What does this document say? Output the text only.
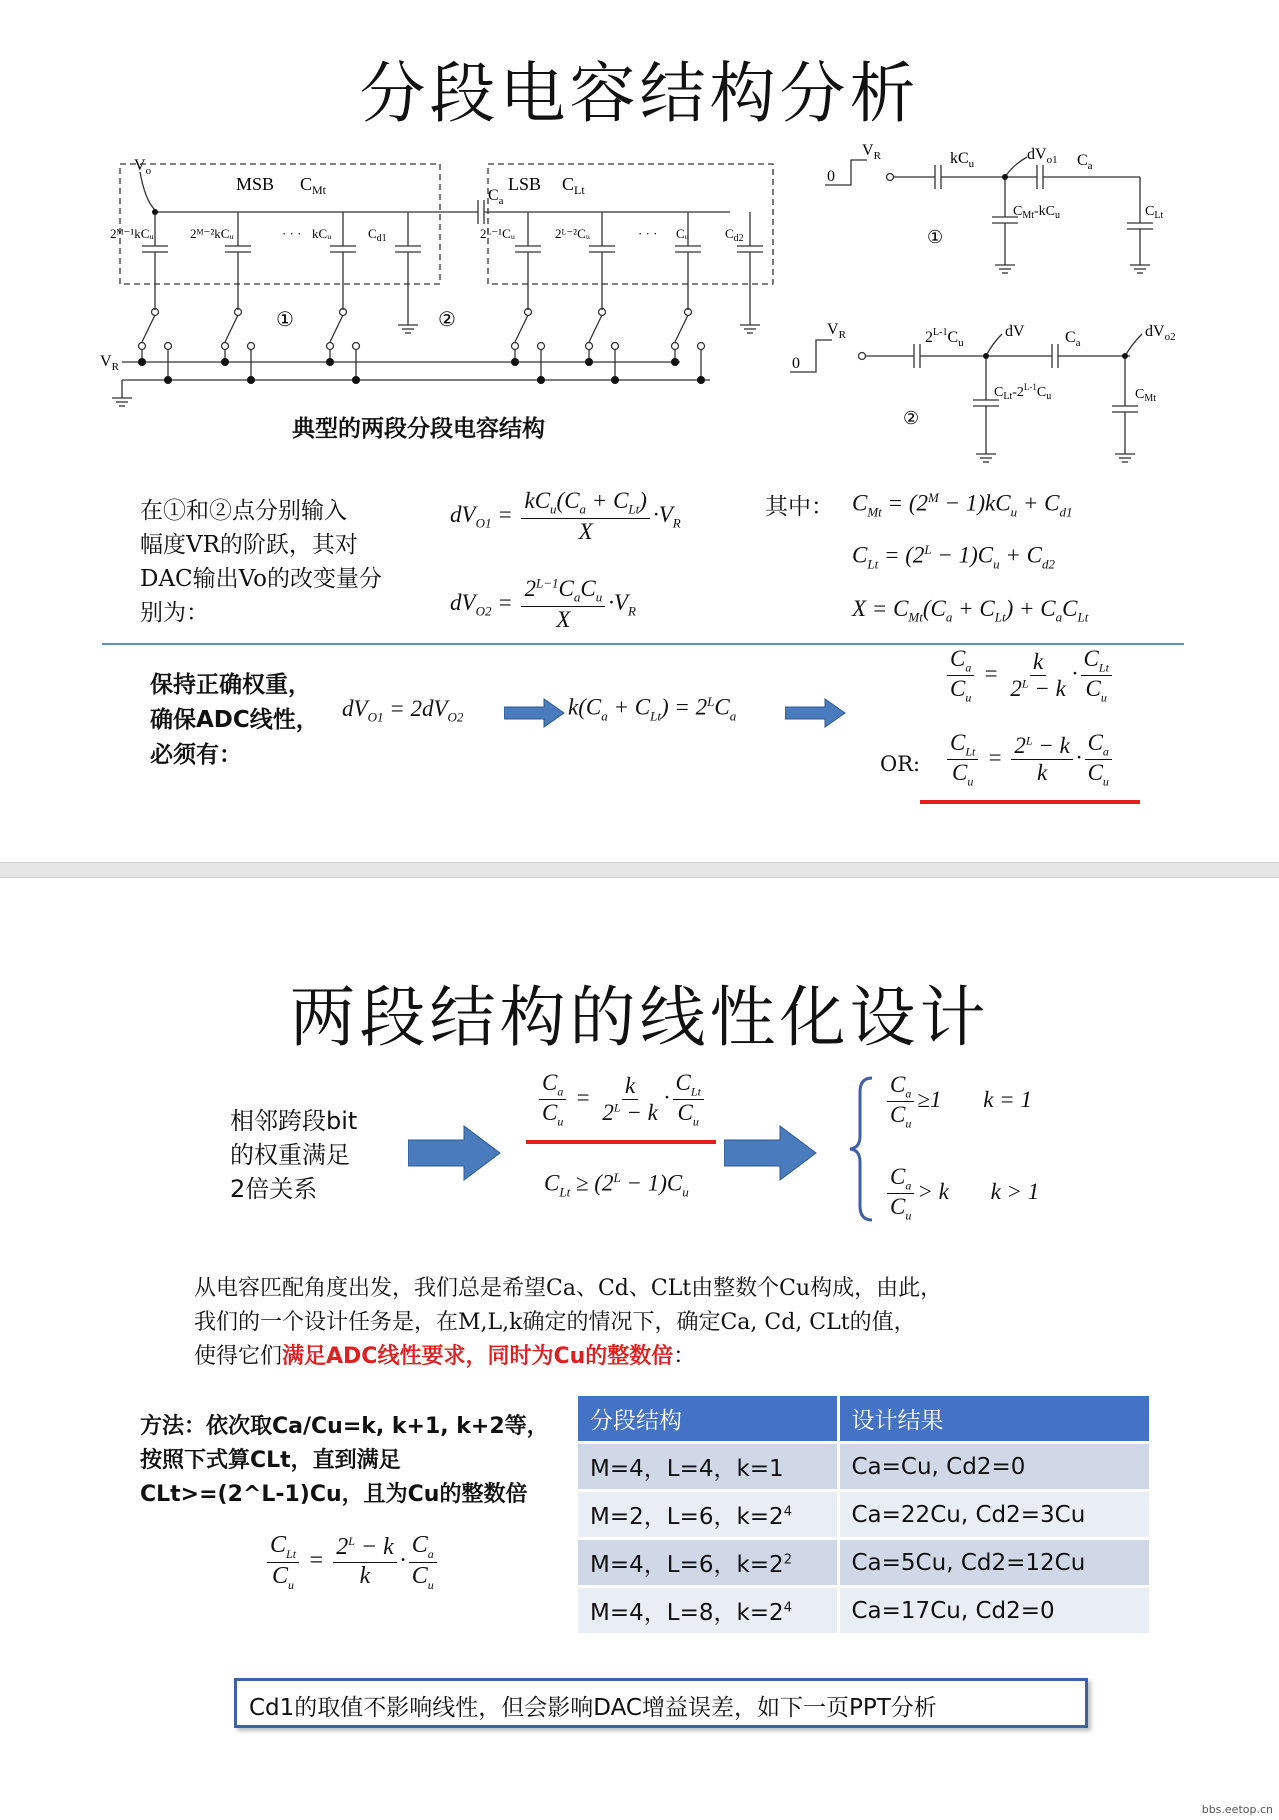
分段电容结构分析
$V_o$
$V_R$
MSB $C_{Mt}$	LSB $C_{Lt}$
$C_a$
2ᴹ⁻¹kCᵤ	2ᴹ⁻²kCᵤ	· · · kCᵤ	$C_{d1}$	2ᴸ⁻¹Cᵤ	2ᴸ⁻²Cᵤ	· · · Cᵤ	$C_{d2}$
①	②
典型的两段分段电容结构
0
$V_R$	$kC_u$
$dV_{o1}$ $C_a$
$C_{Mt}-kC_u$	$C_{Lt}$
①
0
$V_R$	$2^{L-1}C_u$
dV	$C_a$
$dV_{o2}$
$C_{Lt}-2^{L-1}C_u$	$C_{Mt}$
②
在①和②点分别输入
幅度VR的阶跃，其对
DAC输出Vo的改变量分
别为：
$dV_{O1} = \frac{kC_u(C_a + C_{Lt})}{X} \cdot V_R$
$dV_{O2} = \frac{2^{L-1}C_aC_u}{X} \cdot V_R$
其中： $C_{Mt} = (2^M - 1)kC_u + C_{d1}$
$C_{Lt} = (2^L - 1)C_u + C_{d2}$
$X = C_{Mt}(C_a + C_{Lt}) + C_aC_{Lt}$
保持正确权重，
确保ADC线性，
必须有：
$dV_{O1} = 2dV_{O2}$	$k(C_a + C_{Lt}) = 2^LC_a$
$\frac{C_a}{C_u} = \frac{k}{2^L - k} \cdot \frac{C_{Lt}}{C_u}$
OR: $\frac{C_{Lt}}{C_u} = \frac{2^L - k}{k} \cdot \frac{C_a}{C_u}$
两段结构的线性化设计
相邻跨段bit
的权重满足
2倍关系
$\frac{C_a}{C_u} = \frac{k}{2^L - k} \cdot \frac{C_{Lt}}{C_u}$
$C_{Lt} \ge (2^L - 1)C_u$
$\frac{C_a}{C_u} \ge 1$ k = 1
$\frac{C_a}{C_u} > k$ k > 1
从电容匹配角度出发，我们总是希望Ca、Cd、CLt由整数个Cu构成，由此，
我们的一个设计任务是，在M,L,k确定的情况下，确定Ca, Cd, CLt的值，
使得它们满足ADC线性要求，同时为Cu的整数倍：
方法：依次取Ca/Cu=k, k+1, k+2等，
按照下式算CLt，直到满足
CLt>=(2^L-1)Cu，且为Cu的整数倍
$\frac{C_{Lt}}{C_u} = \frac{2^L - k}{k} \cdot \frac{C_a}{C_u}$
分段结构	设计结果
M=4，L=4，k=1	Ca=Cu, Cd2=0
M=2，L=6，$k=2^4$	Ca=22Cu, Cd2=3Cu
M=4，L=6，$k=2^2$	Ca=5Cu, Cd2=12Cu
M=4，L=8，$k=2^4$	Ca=17Cu, Cd2=0
Cd1的取值不影响线性，但会影响DAC增益误差，如下一页PPT分析
bbs.eetop.cn
